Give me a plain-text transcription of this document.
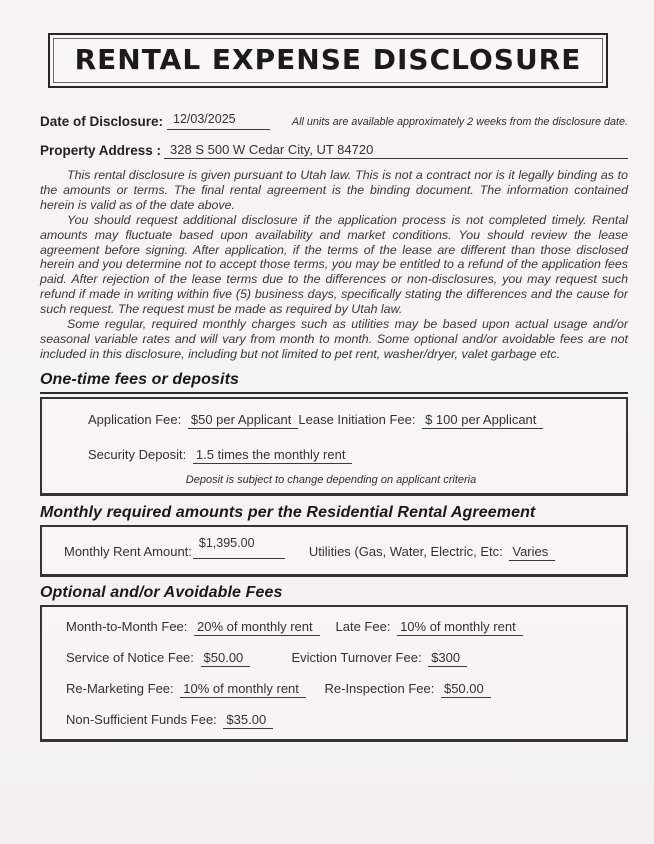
RENTAL EXPENSE DISCLOSURE
Date of Disclosure: 12/03/2025	All units are available approximately 2 weeks from the disclosure date.
Property Address : 328 S 500 W Cedar City, UT 84720

This rental disclosure is given pursuant to Utah law. This is not a contract nor is it legally binding as to the amounts or terms. The final rental agreement is the binding document. The information contained herein is valid as of the date above.

You should request additional disclosure if the application process is not completed timely. Rental amounts may fluctuate based upon availability and market conditions. You should review the lease agreement before signing. After application, if the terms of the lease are different than those disclosed herein and you determine not to accept those terms, you may be entitled to a refund of the application fees paid. After rejection of the lease terms due to the differences or non-disclosures, you may request such refund if made in writing within five (5) business days, specifically stating the differences and the cause for such request. The request must be made as required by Utah law.

Some regular, required monthly charges such as utilities may be based upon actual usage and/or seasonal variable rates and will vary from month to month. Some optional and/or avoidable fees are not included in this disclosure, including but not limited to pet rent, washer/dryer, valet garbage etc.

One-time fees or deposits
Application Fee: $50 per Applicant Lease Initiation Fee: $ 100 per Applicant
Security Deposit: 1.5 times the monthly rent
Deposit is subject to change depending on applicant criteria
Monthly required amounts per the Residential Rental Agreement
Monthly Rent Amount:
$1,395.00
Utilities (Gas, Water, Electric, Etc: Varies
Optional and/or Avoidable Fees
Month-to-Month Fee: 20% of monthly rent	Late Fee: 10% of monthly rent
Service of Notice Fee: $50.00	Eviction Turnover Fee: $300
Re-Marketing Fee: 10% of monthly rent	Re-Inspection Fee: $50.00
Non-Sufficient Funds Fee: $35.00
